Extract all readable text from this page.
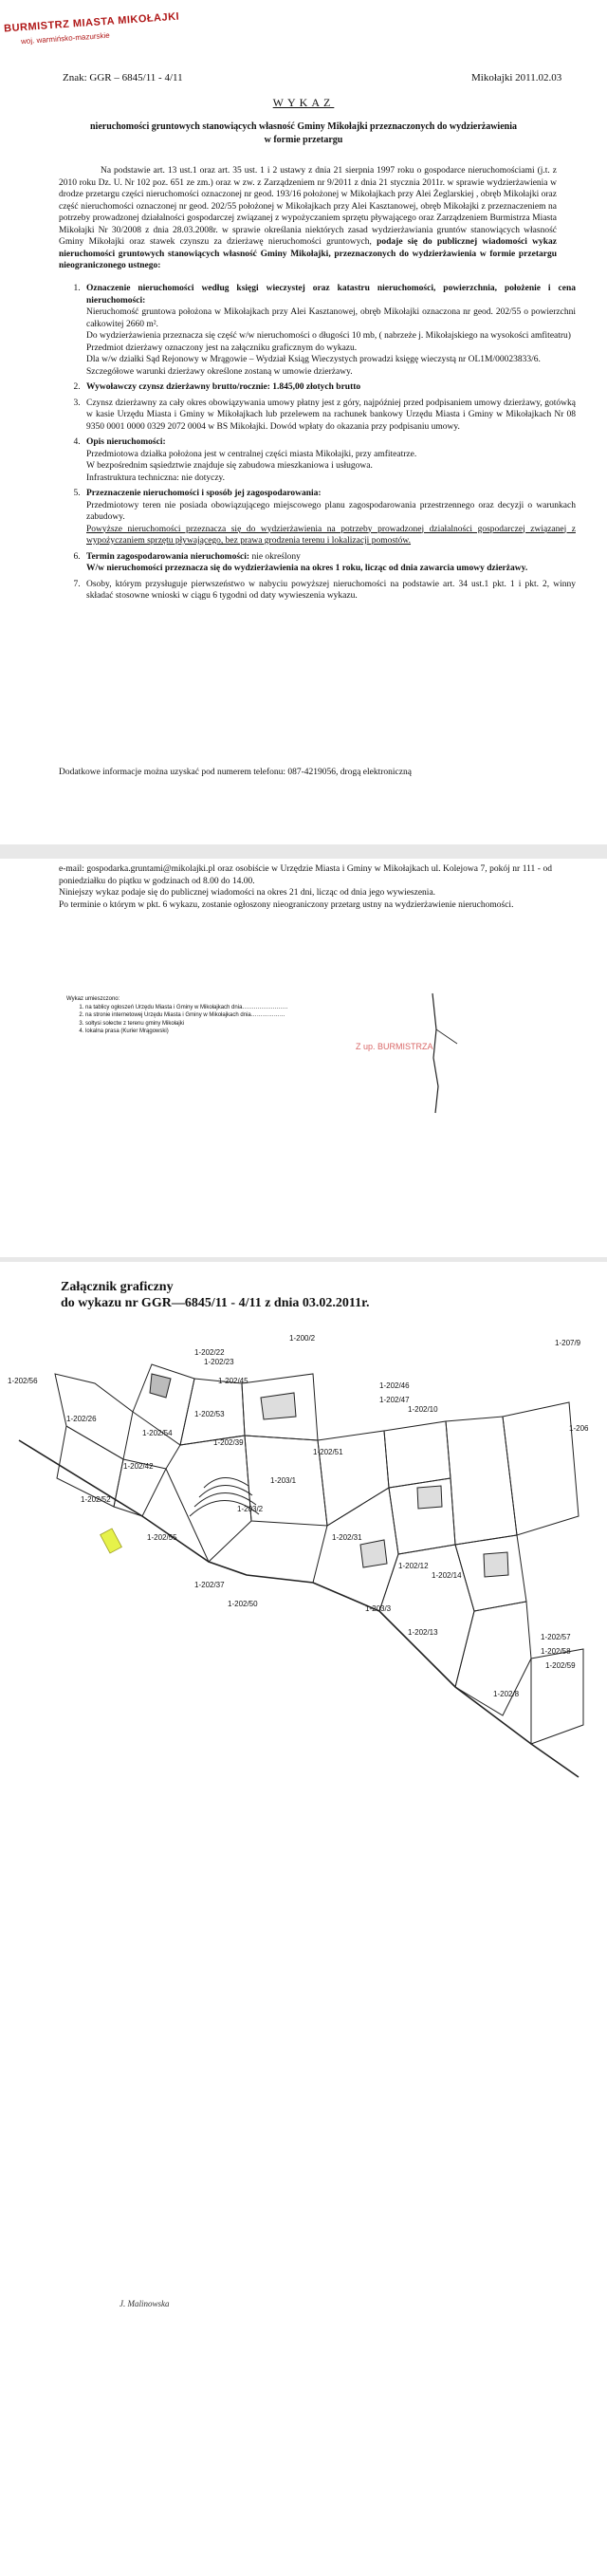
BURMISTRZ MIASTA MIKOŁAJKI
woj. warmińsko-mazurskie
Znak: GGR – 6845/11 - 4/11	Mikołajki 2011.02.03
WYKAZ
nieruchomości gruntowych stanowiących własność Gminy Mikołajki przeznaczonych do wydzierżawienia w formie przetargu

Na podstawie art. 13 ust.1 oraz art. 35 ust. 1 i 2 ustawy z dnia 21 sierpnia 1997 roku o gospodarce nieruchomościami (j.t. z 2010 roku Dz. U. Nr 102 poz. 651 ze zm.) oraz w zw. z Zarządzeniem nr 9/2011 z dnia 21 stycznia 2011r. w sprawie wydzierżawienia w drodze przetargu części nieruchomości oznaczonej nr geod. 193/16 położonej w Mikołajkach przy Alei Żeglarskiej , obręb Mikołajki oraz część nieruchomości oznaczonej nr geod. 202/55 położonej w Mikołajkach przy Alei Kasztanowej, obręb Mikołajki z przeznaczeniem na potrzeby prowadzonej działalności gospodarczej związanej z wypożyczaniem sprzętu pływającego oraz Zarządzeniem Burmistrza Miasta Mikołajki Nr 30/2008 z dnia 28.03.2008r. w sprawie określania niektórych zasad wydzierżawiania gruntów stanowiących własność Gminy Mikołajki oraz stawek czynszu za dzierżawę nieruchomości gruntowych, podaje się do publicznej wiadomości wykaz nieruchomości gruntowych stanowiących własność Gminy Mikołajki, przeznaczonych do wydzierżawienia w formie przetargu nieograniczonego ustnego:

1. Oznaczenie nieruchomości według księgi wieczystej oraz katastru nieruchomości, powierzchnia, położenie i cena nieruchomości:
Nieruchomość gruntowa położona w Mikołajkach przy Alei Kasztanowej, obręb Mikołajki oznaczona nr geod. 202/55 o powierzchni całkowitej 2660 m².
Do wydzierżawienia przeznacza się część w/w nieruchomości o długości 10 mb, ( nabrzeże j. Mikołajskiego na wysokości amfiteatru)
Przedmiot dzierżawy oznaczony jest na załączniku graficznym do wykazu.
Dla w/w działki Sąd Rejonowy w Mrągowie – Wydział Ksiąg Wieczystych prowadzi księgę wieczystą nr OL1M/00023833/6.
Szczegółowe warunki dzierżawy określone zostaną w umowie dzierżawy.
2. Wywoławczy czynsz dzierżawny brutto/rocznie: 1.845,00 złotych brutto
3. Czynsz dzierżawny za cały okres obowiązywania umowy płatny jest z góry, najpóźniej przed podpisaniem umowy dzierżawy, gotówką w kasie Urzędu Miasta i Gminy w Mikołajkach lub przelewem na rachunek bankowy Urzędu Miasta i Gminy w Mikołajkach Nr 08 9350 0001 0000 0329 2072 0004 w BS Mikołajki. Dowód wpłaty do okazania przy podpisaniu umowy.
4. Opis nieruchomości:
Przedmiotowa działka położona jest w centralnej części miasta Mikołajki, przy amfiteatrze.
W bezpośrednim sąsiedztwie znajduje się zabudowa mieszkaniowa i usługowa.
Infrastruktura techniczna: nie dotyczy.
5. Przeznaczenie nieruchomości i sposób jej zagospodarowania:
Przedmiotowy teren nie posiada obowiązującego miejscowego planu zagospodarowania przestrzennego oraz decyzji o warunkach zabudowy.
Powyższe nieruchomości przeznacza się do wydzierżawienia na potrzeby prowadzonej działalności gospodarczej związanej z wypożyczaniem sprzętu pływającego, bez prawa grodzenia terenu i lokalizacji pomostów.
6. Termin zagospodarowania nieruchomości: nie określony
W/w nieruchomości przeznacza się do wydzierżawienia na okres 1 roku, licząc od dnia zawarcia umowy dzierżawy.
7. Osoby, którym przysługuje pierwszeństwo w nabyciu powyższej nieruchomości na podstawie art. 34 ust.1 pkt. 1 i pkt. 2, winny składać stosowne wnioski w ciągu 6 tygodni od daty wywieszenia wykazu.
Dodatkowe informacje można uzyskać pod numerem telefonu: 087-4219056, drogą elektroniczną

e-mail: gospodarka.gruntami@mikolajki.pl oraz osobiście w Urzędzie Miasta i Gminy w Mikołajkach ul. Kolejowa 7, pokój nr 111 - od poniedziałku do piątku w godzinach od 8.00 do 14.00.

Niniejszy wykaz podaje się do publicznej wiadomości na okres 21 dni, licząc od dnia jego wywieszenia.

Po terminie o którym w pkt. 6 wykazu, zostanie ogłoszony nieograniczony przetarg ustny na wydzierżawienie nieruchomości.

Wykaz umieszczono:
1. na tablicy ogłoszeń Urzędu Miasta i Gminy w Mikołajkach dnia……………………
2. na stronie internetowej Urzędu Miasta i Gminy w Mikołajkach dnia………………
3. sołtysi sołectw z terenu gminy Mikołajki
4. lokalna prasa (Kurier Mrągowski)
Z up. BURMISTRZA
Załącznik graficzny
do wykazu nr GGR—6845/11 - 4/11 z dnia 03.02.2011r.
1-202/56
1-202/26
1-202/54
1-202/42
1-202/52
1-202/23
1-202/22
1-202/45
1-202/53
1-202/39
1-202/46
1-202/47
1-202/10
1-202/51
1-203/1
1-203/2
1-202/31
1-202/55
1-202/37
1-202/50
1-202/12
1-202/14
1-203/3
1-202/13
1-202/57
1-202/58
1-202/59
1-202/8
1-200/2
1-207/9
1-206
J. Malinowska
